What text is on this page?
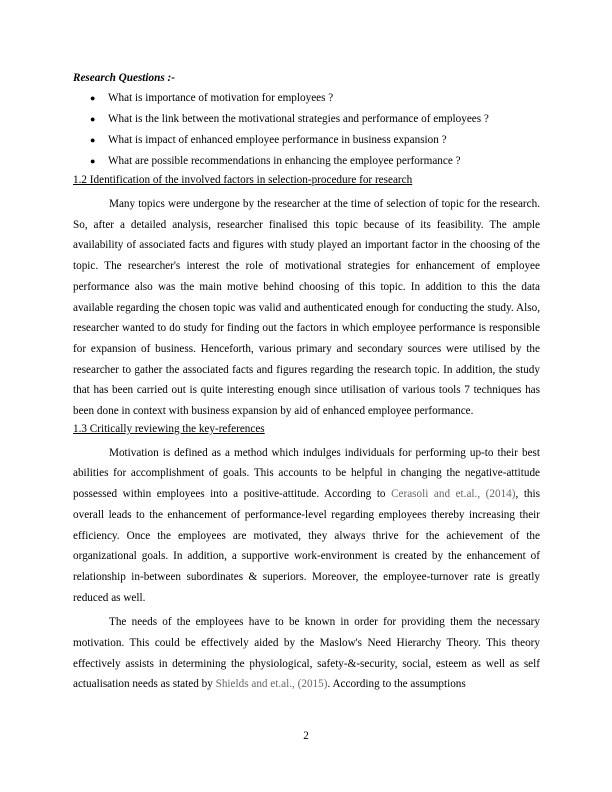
Research Questions :-
● What is importance of motivation for employees ?
● What is the link between the motivational strategies and performance of employees ?
● What is impact of enhanced employee performance in business expansion ?
● What are possible recommendations in enhancing the employee performance ?
1.2 Identification of the involved factors in selection-procedure for research

Many topics were undergone by the researcher at the time of selection of topic for the research. So, after a detailed analysis, researcher finalised this topic because of its feasibility. The ample availability of associated facts and figures with study played an important factor in the choosing of the topic. The researcher's interest the role of motivational strategies for enhancement of employee performance also was the main motive behind choosing of this topic. In addition to this the data available regarding the chosen topic was valid and authenticated enough for conducting the study. Also, researcher wanted to do study for finding out the factors in which employee performance is responsible for expansion of business. Henceforth, various primary and secondary sources were utilised by the researcher to gather the associated facts and figures regarding the research topic. In addition, the study that has been carried out is quite interesting enough since utilisation of various tools 7 techniques has been done in context with business expansion by aid of enhanced employee performance.

1.3 Critically reviewing the key-references

Motivation is defined as a method which indulges individuals for performing up-to their best abilities for accomplishment of goals. This accounts to be helpful in changing the negative-attitude possessed within employees into a positive-attitude. According to Cerasoli and et.al., (2014), this overall leads to the enhancement of performance-level regarding employees thereby increasing their efficiency. Once the employees are motivated, they always thrive for the achievement of the organizational goals. In addition, a supportive work-environment is created by the enhancement of relationship in-between subordinates & superiors. Moreover, the employee-turnover rate is greatly reduced as well.

The needs of the employees have to be known in order for providing them the necessary motivation. This could be effectively aided by the Maslow's Need Hierarchy Theory. This theory effectively assists in determining the physiological, safety-&-security, social, esteem as well as self actualisation needs as stated by Shields and et.al., (2015). According to the assumptions

2
